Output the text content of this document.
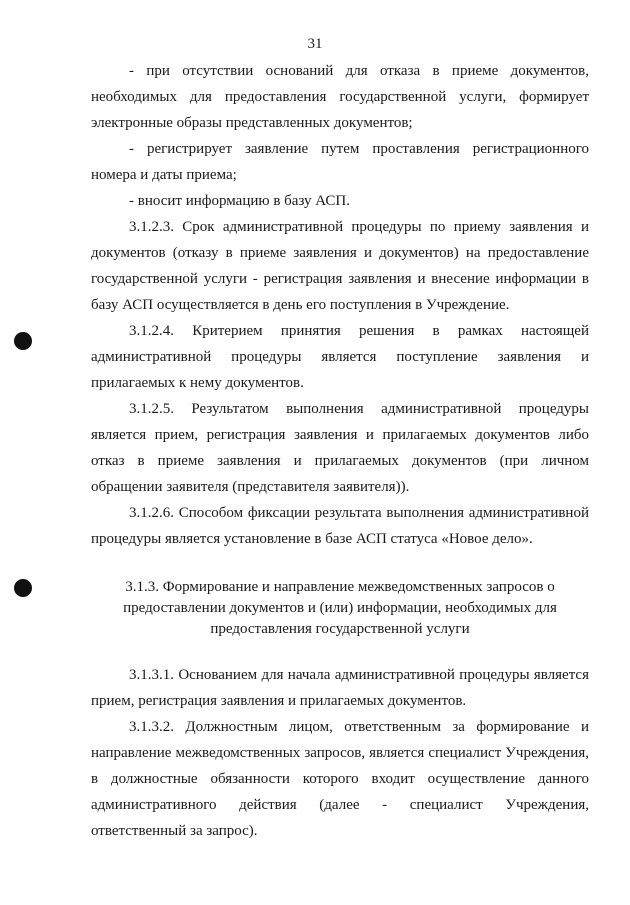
31

- при отсутствии оснований для отказа в приеме документов, необходимых для предоставления государственной услуги, формирует электронные образы представленных документов;

- регистрирует заявление путем проставления регистрационного номера и даты приема;

- вносит информацию в базу АСП.

3.1.2.3. Срок административной процедуры по приему заявления и документов (отказу в приеме заявления и документов) на предоставление государственной услуги - регистрация заявления и внесение информации в базу АСП осуществляется в день его поступления в Учреждение.

3.1.2.4. Критерием принятия решения в рамках настоящей административной процедуры является поступление заявления и прилагаемых к нему документов.

3.1.2.5. Результатом выполнения административной процедуры является прием, регистрация заявления и прилагаемых документов либо отказ в приеме заявления и прилагаемых документов (при личном обращении заявителя (представителя заявителя)).

3.1.2.6. Способом фиксации результата выполнения административной процедуры является установление в базе АСП статуса «Новое дело».

3.1.3. Формирование и направление межведомственных запросов о
предоставлении документов и (или) информации, необходимых для
предоставления государственной услуги

3.1.3.1. Основанием для начала административной процедуры является прием, регистрация заявления и прилагаемых документов.

3.1.3.2. Должностным лицом, ответственным за формирование и направление межведомственных запросов, является специалист Учреждения, в должностные обязанности которого входит осуществление данного административного действия (далее - специалист Учреждения, ответственный за запрос).
